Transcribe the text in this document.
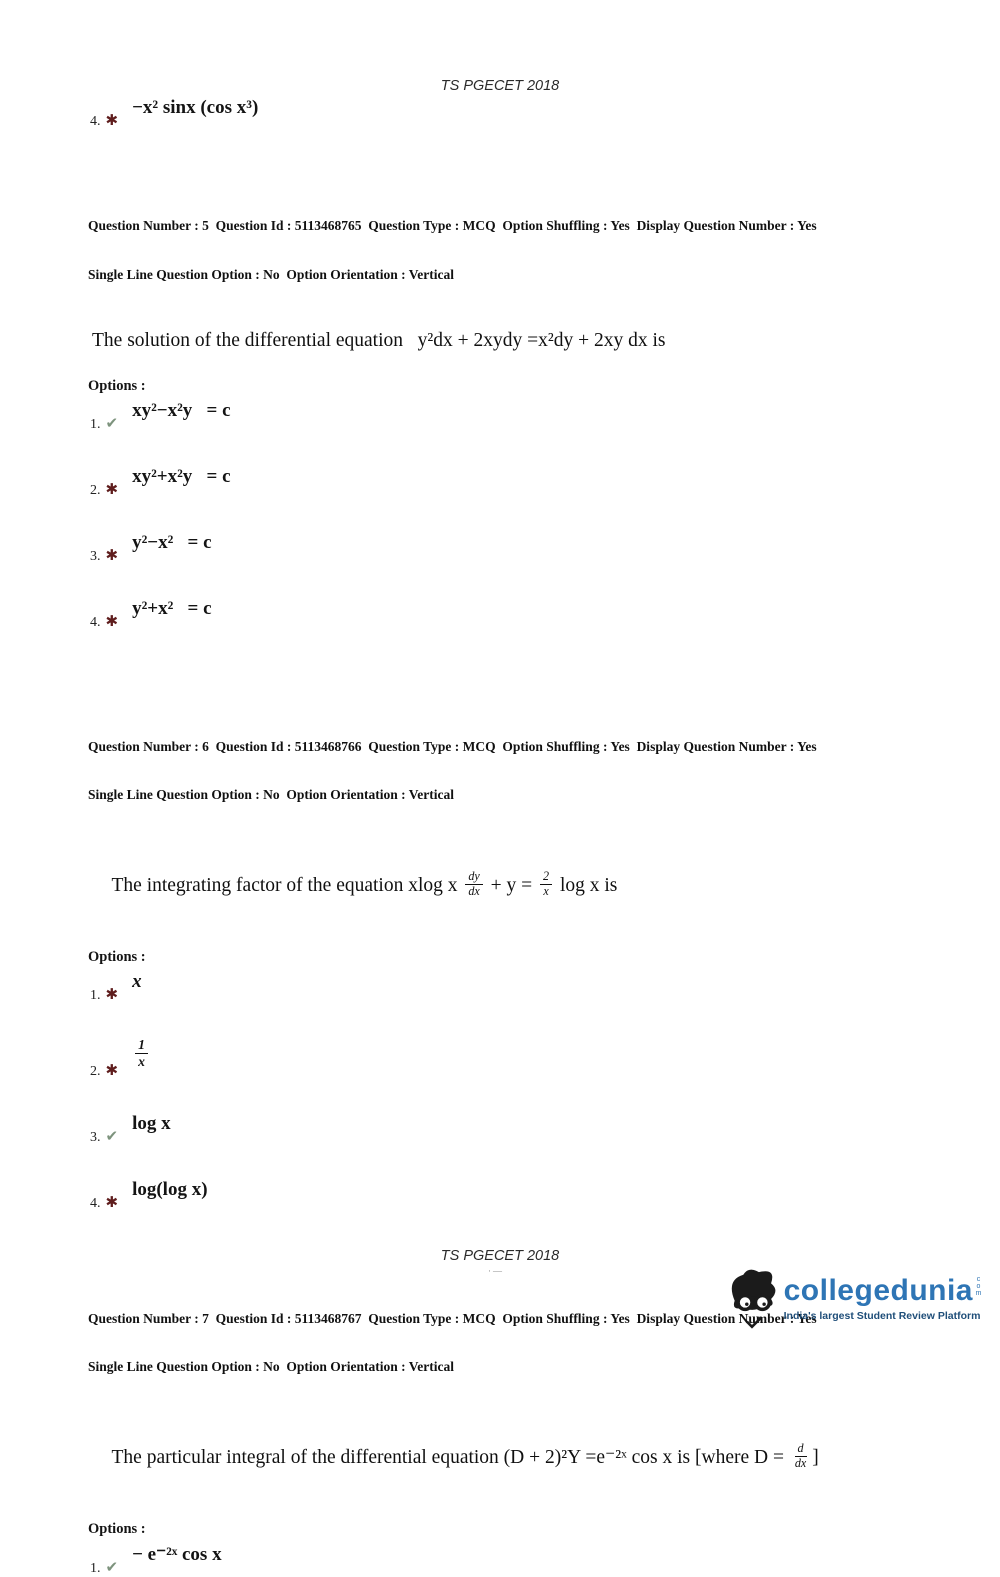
TS PGECET 2018
4. ✱
−x² sinx (cos x³)

Question Number : 5  Question Id : 5113468765  Question Type : MCQ  Option Shuffling : Yes  Display Question Number : Yes

Single Line Question Option : No  Option Orientation : Vertical

The solution of the differential equation   y²dx + 2xydy =x²dy + 2xy dx is
Options :
1. ✔
xy²−x²y   = c
2. ✱
xy²+x²y   = c
3. ✱
y²−x²   = c
4. ✱
y²+x²   = c

Question Number : 6  Question Id : 5113468766  Question Type : MCQ  Option Shuffling : Yes  Display Question Number : Yes

Single Line Question Option : No  Option Orientation : Vertical

The integrating factor of the equation xlog x $\frac{dy}{dx} + y = \frac{2}{x}$ log x is

Options :
1. ✱
x
2. ✱
$\frac{1}{x}$
3. ✔
log x
4. ✱
log(log x)

Question Number : 7  Question Id : 5113468767  Question Type : MCQ  Option Shuffling : Yes  Display Question Number : Yes

Single Line Question Option : No  Option Orientation : Vertical

The particular integral of the differential equation (D + 2)²Y =e⁻²ˣ cos x is [where $D = \frac{d}{dx}$ ]

Options :
1. ✔
− e⁻²ˣ cos x
TS PGECET 2018
·—
collegedunia com
India's largest Student Review Platform
